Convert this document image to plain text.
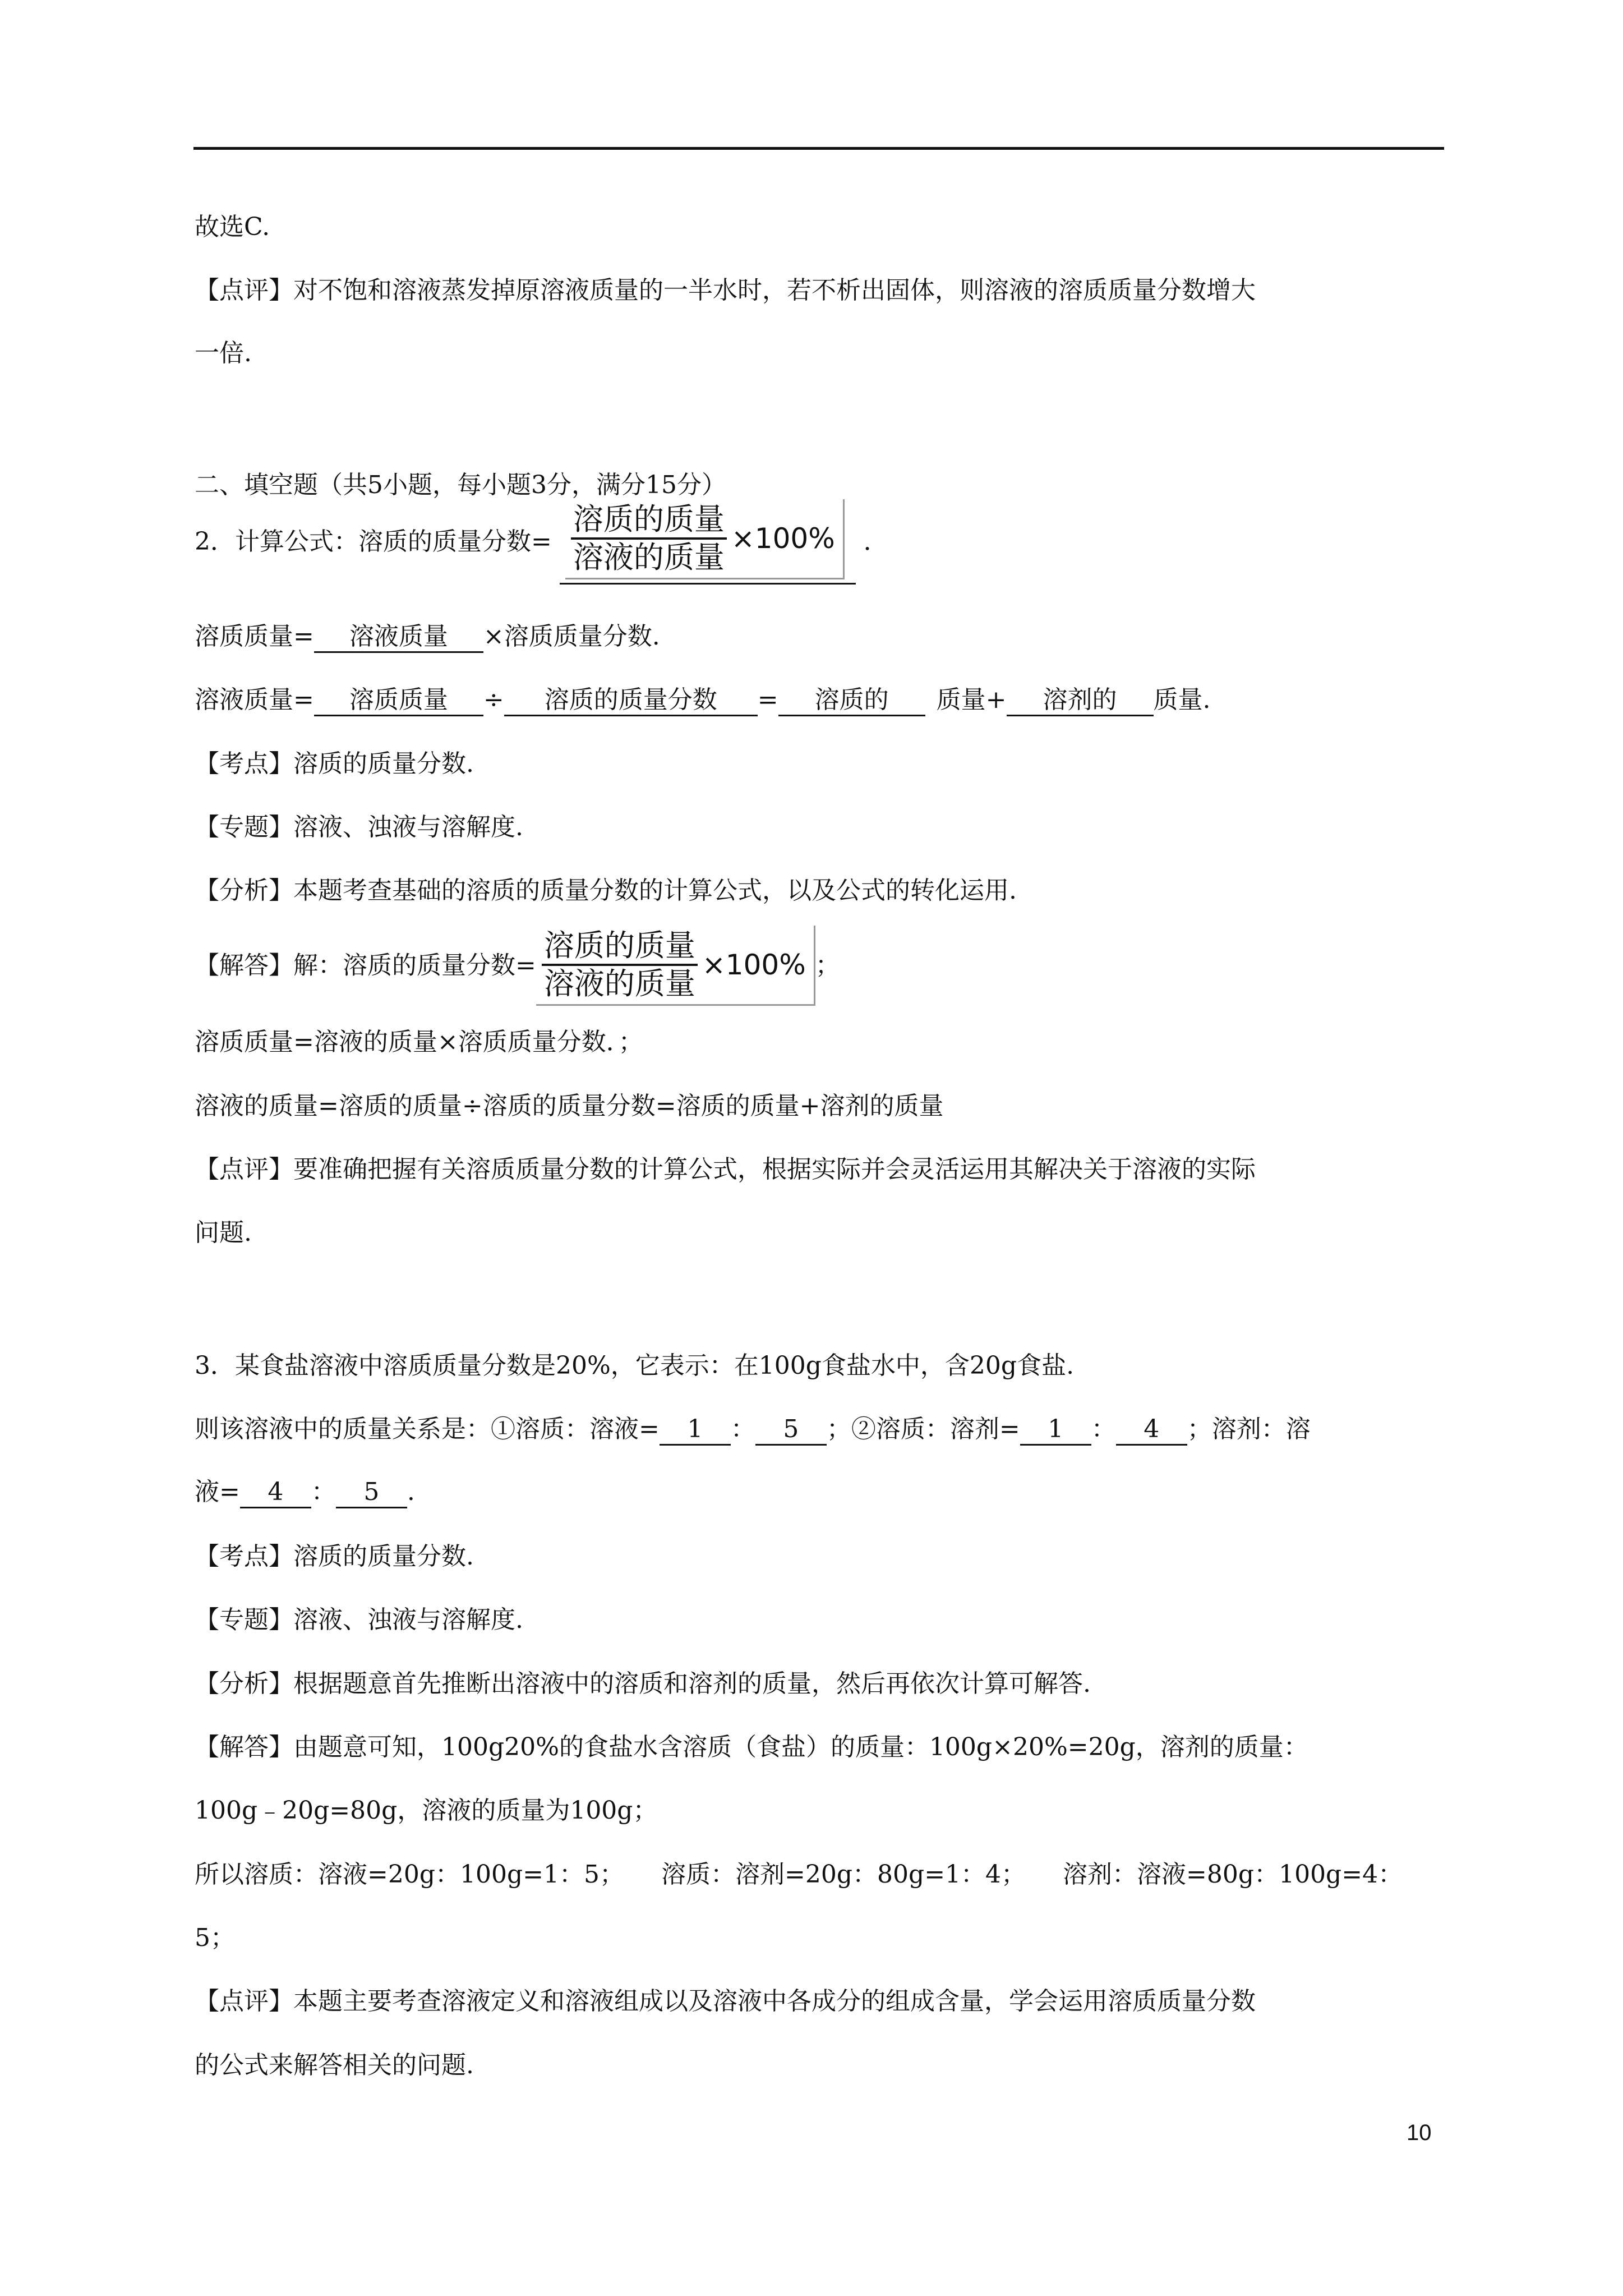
故选C.
【点评】对不饱和溶液蒸发掉原溶液质量的一半水时，若不析出固体，则溶液的溶质质量分数增大
一倍.
二、填空题（共5小题，每小题3分，满分15分）
2．计算公式：溶质的质量分数= $\frac{\text{溶质的质量}}{\text{溶液的质量}} \times 100\%$ ．
溶质质量= 溶液质量 ×溶质质量分数.
溶液质量= 溶质质量 ÷ 溶质的质量分数 = 溶质的 质量+ 溶剂的 质量.
【考点】溶质的质量分数.
【专题】溶液、浊液与溶解度.
【分析】本题考查基础的溶质的质量分数的计算公式，以及公式的转化运用.
【解答】解：溶质的质量分数= $\frac{\text{溶质的质量}}{\text{溶液的质量}} \times 100\%$ ；
溶质质量=溶液的质量×溶质质量分数．；
溶液的质量=溶质的质量÷溶质的质量分数=溶质的质量+溶剂的质量
【点评】要准确把握有关溶质质量分数的计算公式，根据实际并会灵活运用其解决关于溶液的实际
问题.
3．某食盐溶液中溶质质量分数是20%，它表示：在100g食盐水中，含20g食盐.
则该溶液中的质量关系是：①溶质：溶液= 1 ： 5 ；②溶质：溶剂= 1 ： 4 ；溶剂：溶
液= 4 ： 5 .
【考点】溶质的质量分数.
【专题】溶液、浊液与溶解度.
【分析】根据题意首先推断出溶液中的溶质和溶剂的质量，然后再依次计算可解答.
【解答】由题意可知，100g20%的食盐水含溶质（食盐）的质量：100g×20%=20g，溶剂的质量：
100g﹣20g=80g，溶液的质量为100g；
所以溶质：溶液=20g：100g=1：5；　　溶质：溶剂=20g：80g=1：4；　　溶剂：溶液=80g：100g=4：
5；
【点评】本题主要考查溶液定义和溶液组成以及溶液中各成分的组成含量，学会运用溶质质量分数
的公式来解答相关的问题.
10
